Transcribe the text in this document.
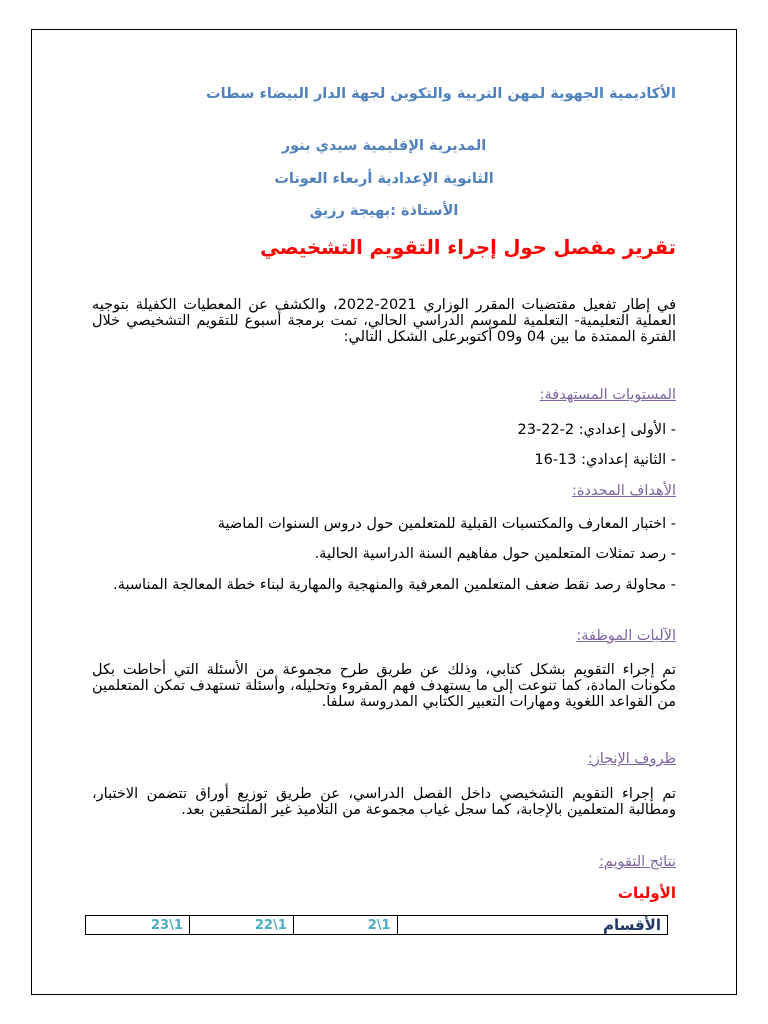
الأكاديمية الجهوية لمهن التربية والتكوين لجهة الدار البيضاء سطات
المديرية الإقليمية سيدي بنور
الثانوية الإعدادية أربعاء العونات
الأستاذة :بهيجة رزيق
تقرير مفصل حول إجراء التقويم التشخيصي
في إطار تفعيل مقتضيات المقرر الوزاري 2021-2022، والكشف عن المعطيات الكفيلة بتوجيه العملية التعليمية- التعلمية للموسم الدراسي الحالي، تمت برمجة أسبوع للتقويم التشخيصي خلال الفترة الممتدة ما بين 04 و09 أكتوبرعلى الشكل التالي:
المستويات المستهدفة:
- الأولى إعدادي: 2-22-23
- الثانية إعدادي: 13-16
الأهداف المحددة:
- اختبار المعارف والمكتسبات القبلية للمتعلمين حول دروس السنوات الماضية
- رصد تمثلات المتعلمين حول مفاهيم السنة الدراسية الحالية.
- محاولة رصد نقط ضعف المتعلمين المعرفية والمنهجية والمهارية لبناء خطة المعالجة المناسبة.
الآليات الموظفة:
تم إجراء التقويم بشكل كتابي، وذلك عن طريق طرح مجموعة من الأسئلة التي أحاطت بكل مكونات المادة، كما تنوعت إلى ما يستهدف فهم المقروء وتحليله، وأسئلة تستهدف تمكن المتعلمين من القواعد اللغوية ومهارات التعبير الكتابي المدروسة سلفا.
ظروف الإنجاز:
تم إجراء التقويم التشخيصي داخل الفصل الدراسي، عن طريق توزيع أوراق تتضمن الاختبار، ومطالبة المتعلمين بالإجابة، كما سجل غياب مجموعة من التلاميذ غير الملتحقين بعد.
نتائج التقويم:
الأوليات
الأقسام	1\2	1\22	1\23
